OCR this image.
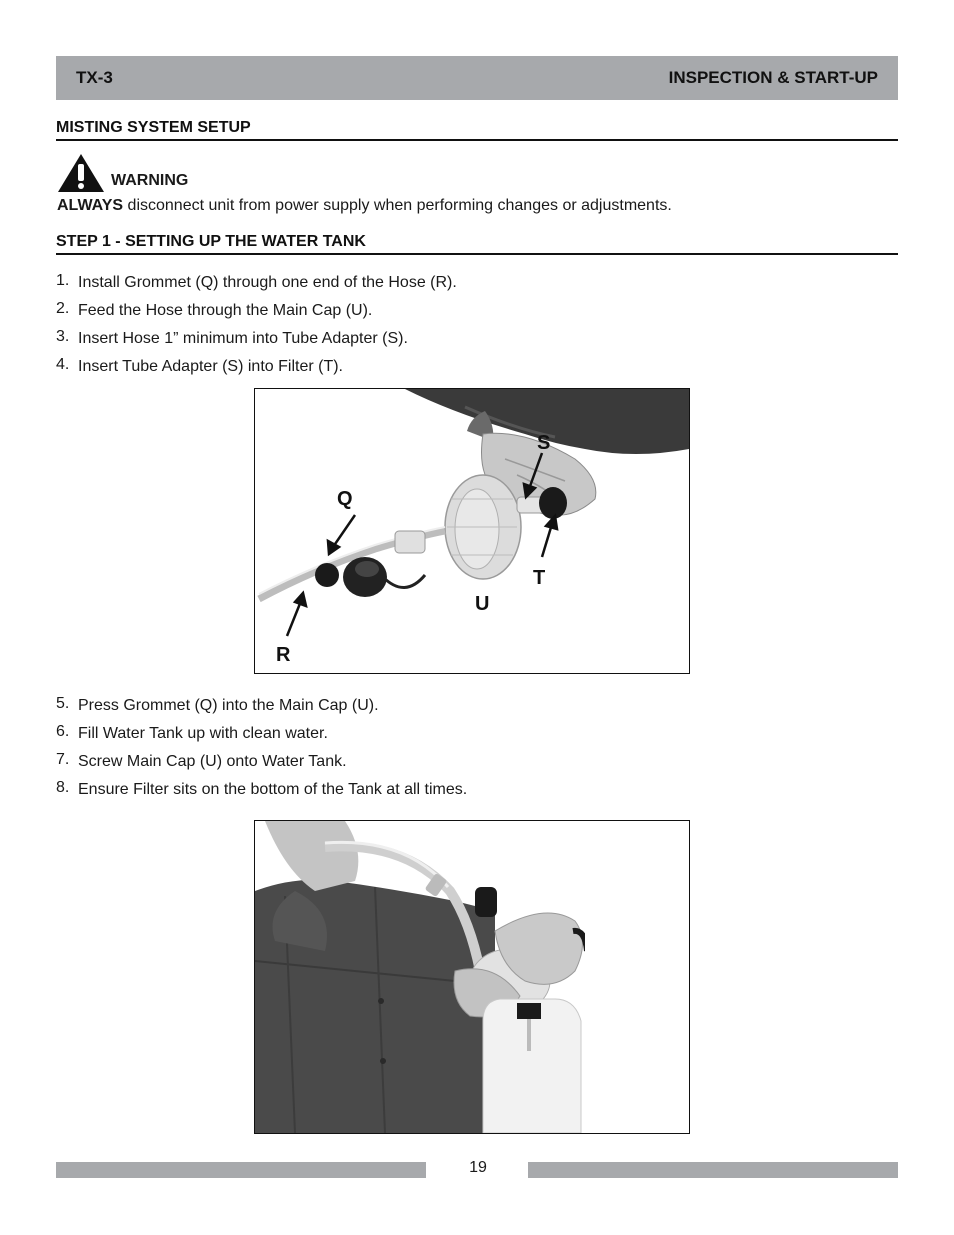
TX-3	INSPECTION & START-UP
MISTING SYSTEM SETUP
WARNING
ALWAYS disconnect unit from power supply when performing changes or adjustments.
STEP 1 - SETTING UP THE WATER TANK
1. Install Grommet (Q) through one end of the Hose (R).
2. Feed the Hose through the Main Cap (U).
3. Insert Hose 1” minimum into Tube Adapter (S).
4. Insert Tube Adapter (S) into Filter (T).
Q
R
S
T
U
5. Press Grommet (Q) into the Main Cap (U).
6. Fill Water Tank up with clean water.
7. Screw Main Cap (U) onto Water Tank.
8. Ensure Filter sits on the bottom of the Tank at all times.
19
